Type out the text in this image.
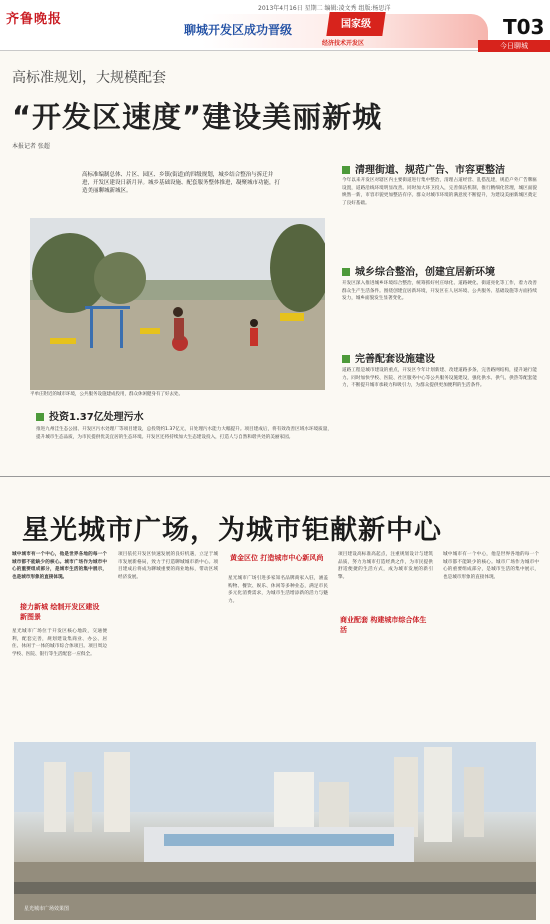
齐鲁晚报
聊城开发区成功晋级	国家级
经济技术开发区
2013年4月16日 星期二 编辑:凌文秀 组版:杨思洋
T03
今日聊城
高标准规划，大规模配套
“开发区速度”建设美丽新城
本报记者 张超
高标准编制总体、片区、园区、乡镇(街道)的四级规划，城乡结合整治与拆迁并进，开发区建设日新月异。城乡基础设施、配套服务整体推进，凝聚城市功能，打造美丽聊城新城区。
平单庄附近的城市环境，公共服务设施建成投用，群众休闲健身有了好去处。
清理街道、规范广告、市容更整洁
今年以来开发区对辖区内主要街道进行集中整治，清理占道经营、乱搭乱建，规范户外广告牌匾设置，道路沿线环境明显改善。同时加大环卫投入，完善保洁机制，推行精细化管理，城区面貌焕然一新，市容市貌更加整洁有序。群众对城市环境的满意度不断提升，为建设美丽新城区奠定了良好基础。
城乡综合整治，创建宜居新环境
开发区深入推进城乡环境综合整治，统筹抓好村庄绿化、道路硬化、街道亮化等工作，着力改善群众生产生活条件。围绕创建宜居新环境，开发区在人居环境、公共服务、基础设施等方面持续发力，城乡面貌发生显著变化。
完善配套设施建设
道路工程是城市建设的重点，开发区今年计划新建、改建道路多条，完善路网结构，提升通行能力。同时加快学校、医院、社区服务中心等公共服务设施建设，强化供水、供气、供热等配套能力，不断提升城市承载力和吸引力，为群众提供更加便利的生活条件。
投资1.37亿处理污水
推进九州洼生态公园、开发区污水处理厂等项目建设，总投资约1.37亿元，日处理污水能力大幅提升。项目建成后，将有效改善区域水环境质量，提升城市生态品质，为市民提供优美宜居的生态环境。开发区还将持续加大生态建设投入，打造人与自然和谐共处的美丽家园。
星光城市广场，为城市钜献新中心
城中城市有一个中心，他是世界各地的每一个城市都不能缺少的核心。城市广场作为城市中心的重要组成部分，是城市生活的集中展示，也是城市形象的直接体现。
接力新城 绘制开发区建设新图景
星光城市广场位于开发区核心地段，交通便利，配套完善，规划建设集商业、办公、居住、休闲于一体的城市综合体项目。项目周边学校、医院、银行等生活配套一应俱全。
项目依托开发区快速发展的良好机遇，立足于城市发展新格局，致力于打造聊城城市新中心。项目建成后将成为聊城重要的商业地标，带动区域经济发展。
黄金区位 打造城市中心新风尚
星光城市广场引进多家知名品牌商家入驻，涵盖购物、餐饮、娱乐、休闲等多种业态，满足市民多元化消费需求，为城市生活增添新的活力与魅力。
商业配套 构建城市综合体生活
项目建设高标准高起点，注重规划设计与建筑品质，努力为城市打造经典之作，为市民提供舒适便捷的生活方式，成为城市发展的新引擎。
城中城市有一个中心，他是世界各地的每一个城市都不能缺少的核心。城市广场作为城市中心的重要组成部分，是城市生活的集中展示，也是城市形象的直接体现。
星光城市广场效果图
